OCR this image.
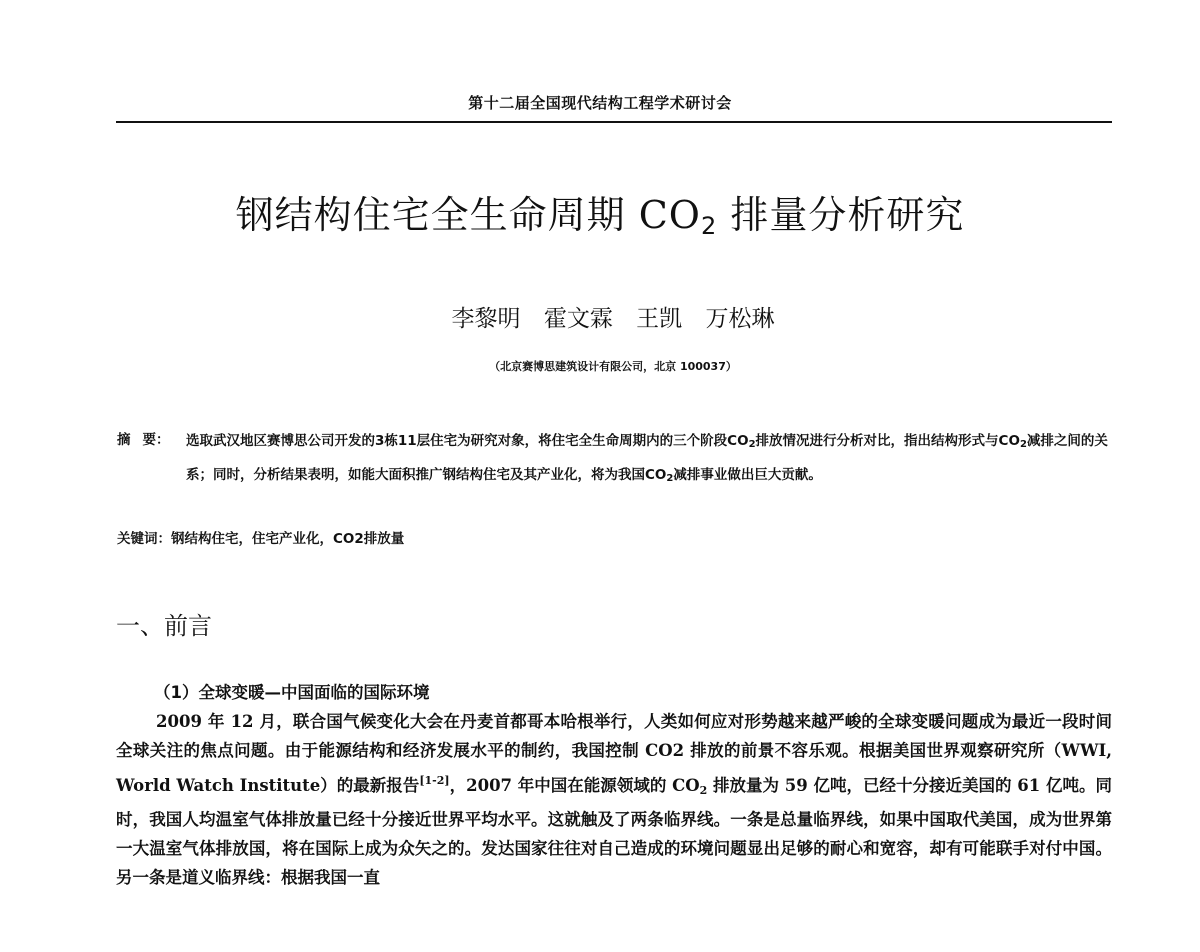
第十二届全国现代结构工程学术研讨会
钢结构住宅全生命周期 $CO_2$ 排量分析研究
李黎明 霍文霖 王凯 万松琳
（北京赛博思建筑设计有限公司，北京 100037）
摘 要： 选取武汉地区赛博思公司开发的3栋11层住宅为研究对象，将住宅全生命周期内的三个阶段$CO_2$排放情况进行分析对比，指出结构形式与$CO_2$减排之间的关系；同时，分析结果表明，如能大面积推广钢结构住宅及其产业化，将为我国$CO_2$减排事业做出巨大贡献。
关键词：钢结构住宅，住宅产业化，CO2排放量
一、前言
（1）全球变暖—中国面临的国际环境
2009 年 12 月，联合国气候变化大会在丹麦首都哥本哈根举行，人类如何应对形势越来越严峻的全球变暖问题成为最近一段时间全球关注的焦点问题。由于能源结构和经济发展水平的制约，我国控制 CO2 排放的前景不容乐观。根据美国世界观察研究所（WWI, World Watch Institute）的最新报告[1-2]，2007 年中国在能源领域的 $CO_2$ 排放量为 59 亿吨，已经十分接近美国的 61 亿吨。同时，我国人均温室气体排放量已经十分接近世界平均水平。这就触及了两条临界线。一条是总量临界线，如果中国取代美国，成为世界第一大温室气体排放国，将在国际上成为众矢之的。发达国家往往对自己造成的环境问题显出足够的耐心和宽容，却有可能联手对付中国。另一条是道义临界线：根据我国一直
